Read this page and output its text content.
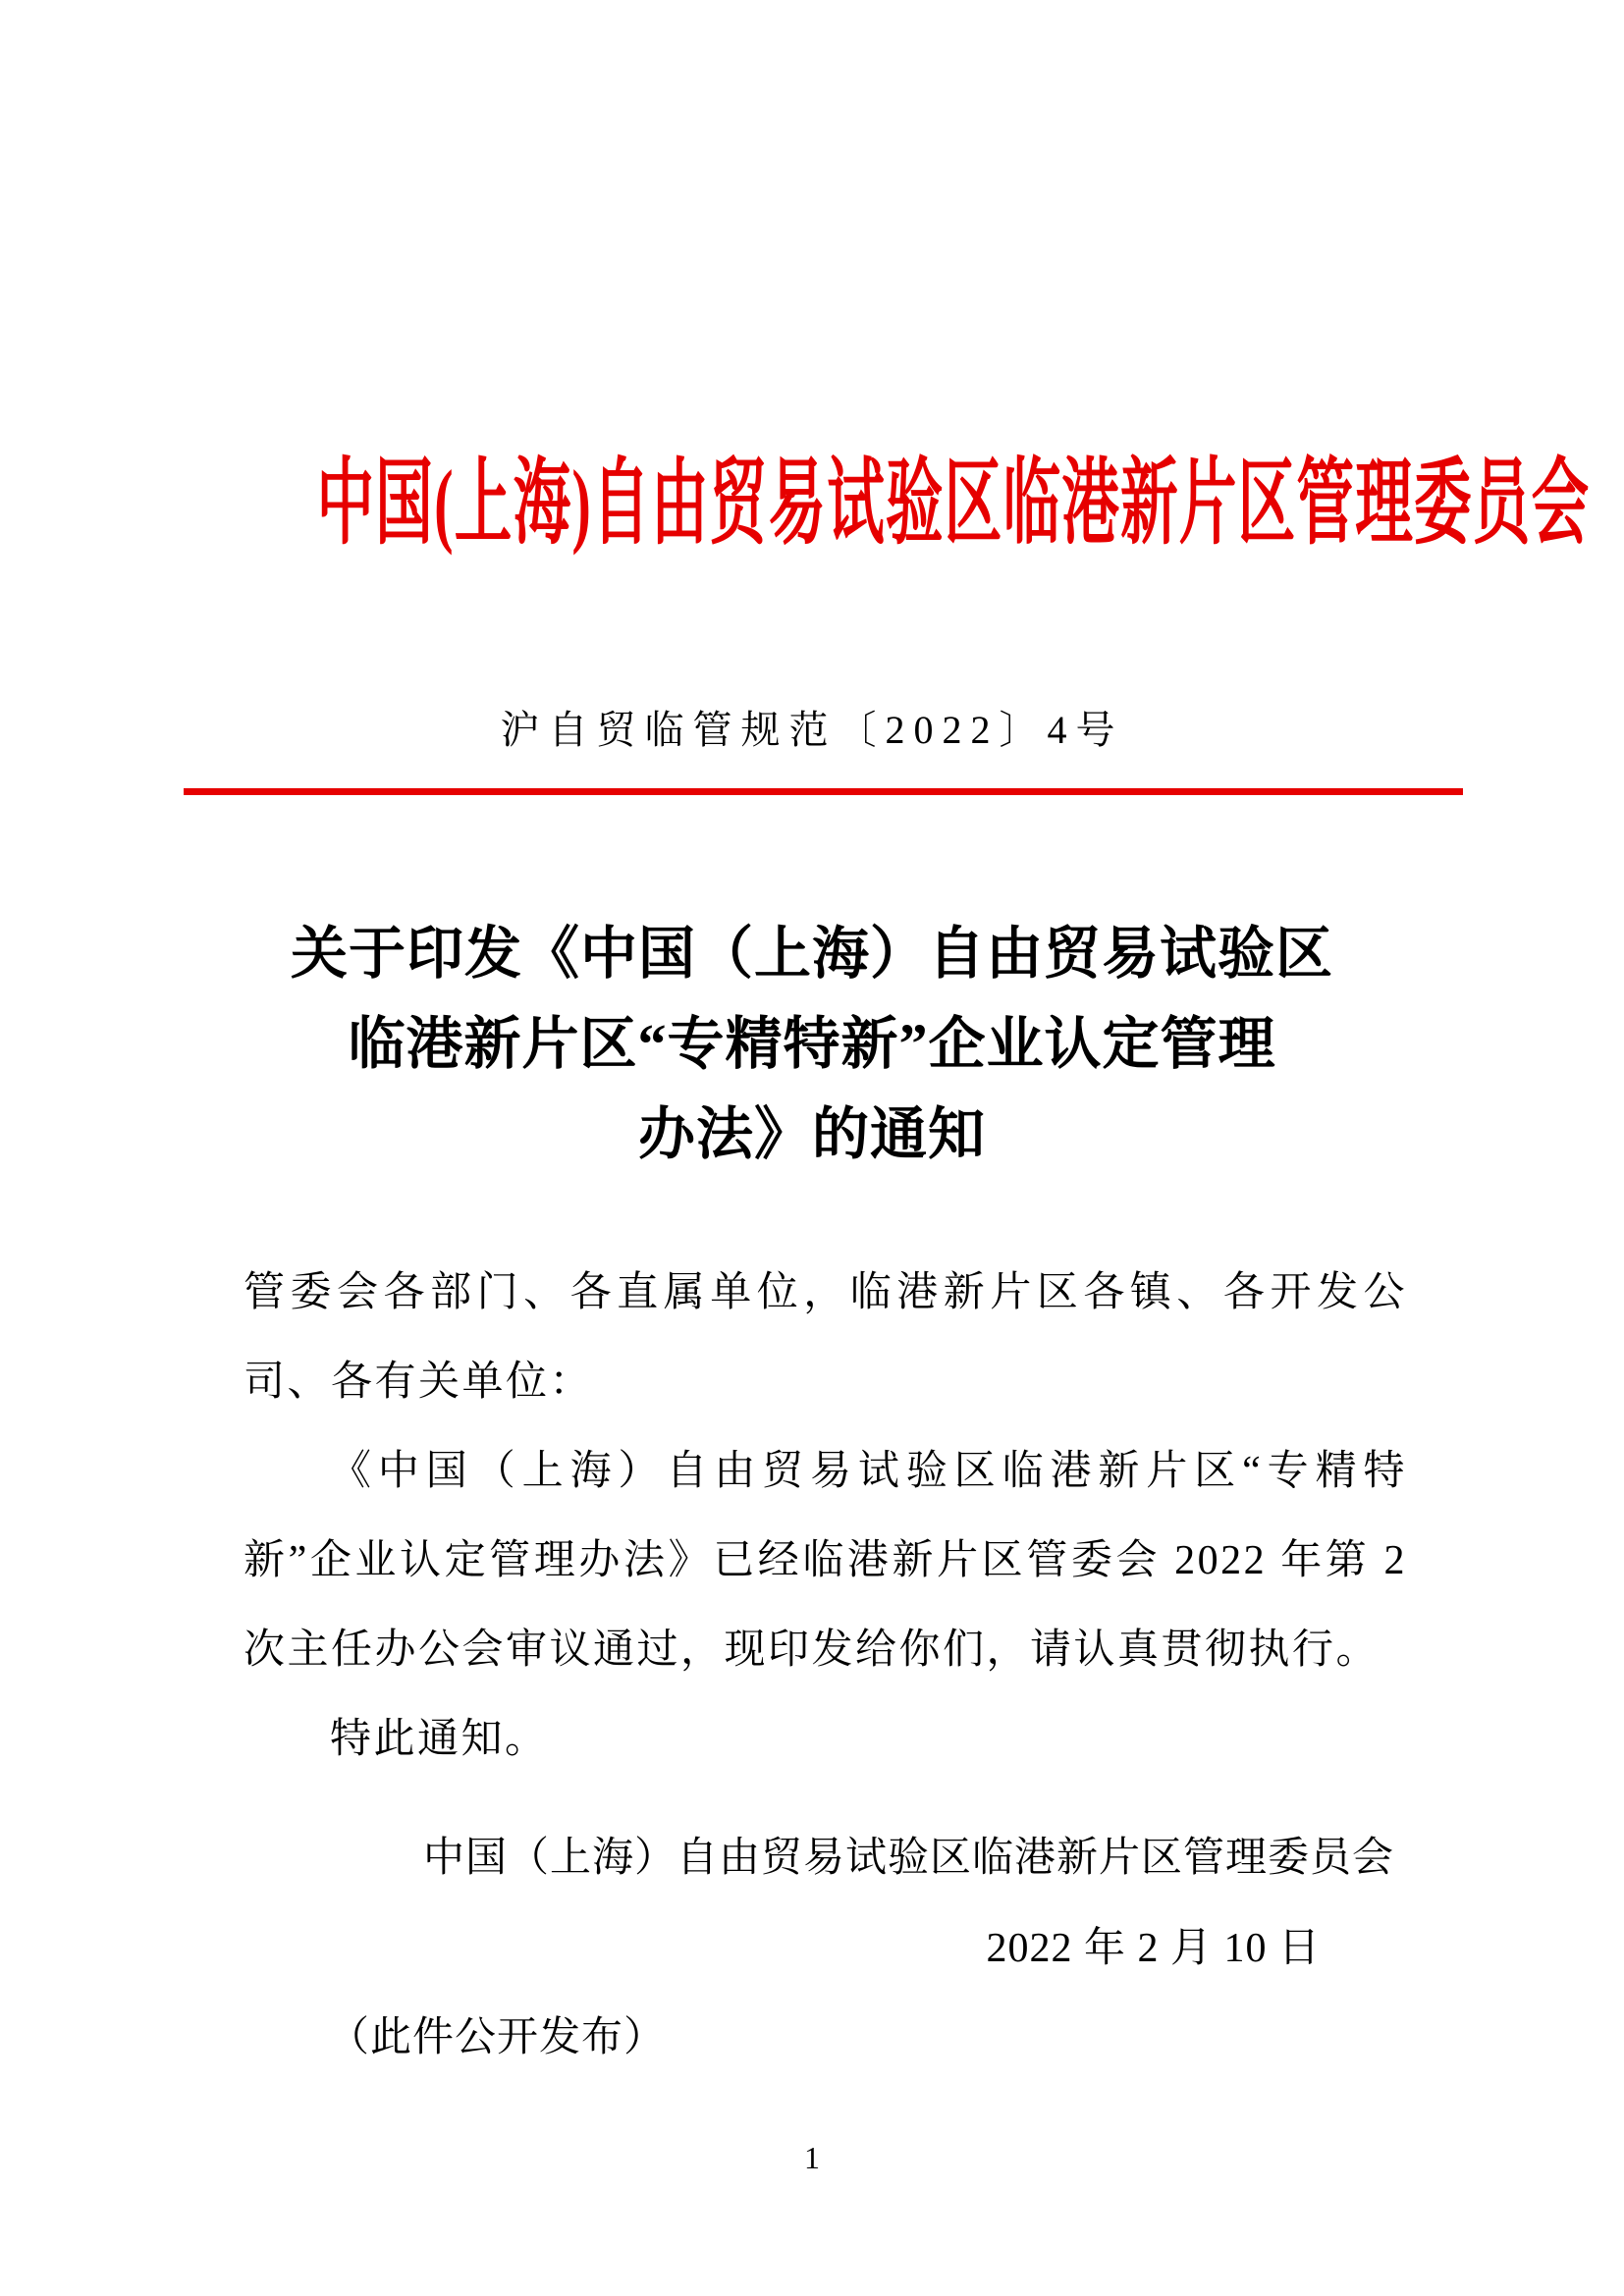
中国(上海)自由贸易试验区临港新片区管理委员会
沪自贸临管规范〔2022〕4号
关于印发《中国（上海）自由贸易试验区
临港新片区“专精特新”企业认定管理
办法》的通知

管委会各部门、各直属单位，临港新片区各镇、各开发公司、各有关单位：

《中国（上海）自由贸易试验区临港新片区“专精特新”企业认定管理办法》已经临港新片区管委会 2022 年第 2 次主任办公会审议通过，现印发给你们，请认真贯彻执行。

特此通知。

中国（上海）自由贸易试验区临港新片区管理委员会
2022 年 2 月 10 日
（此件公开发布）
1
